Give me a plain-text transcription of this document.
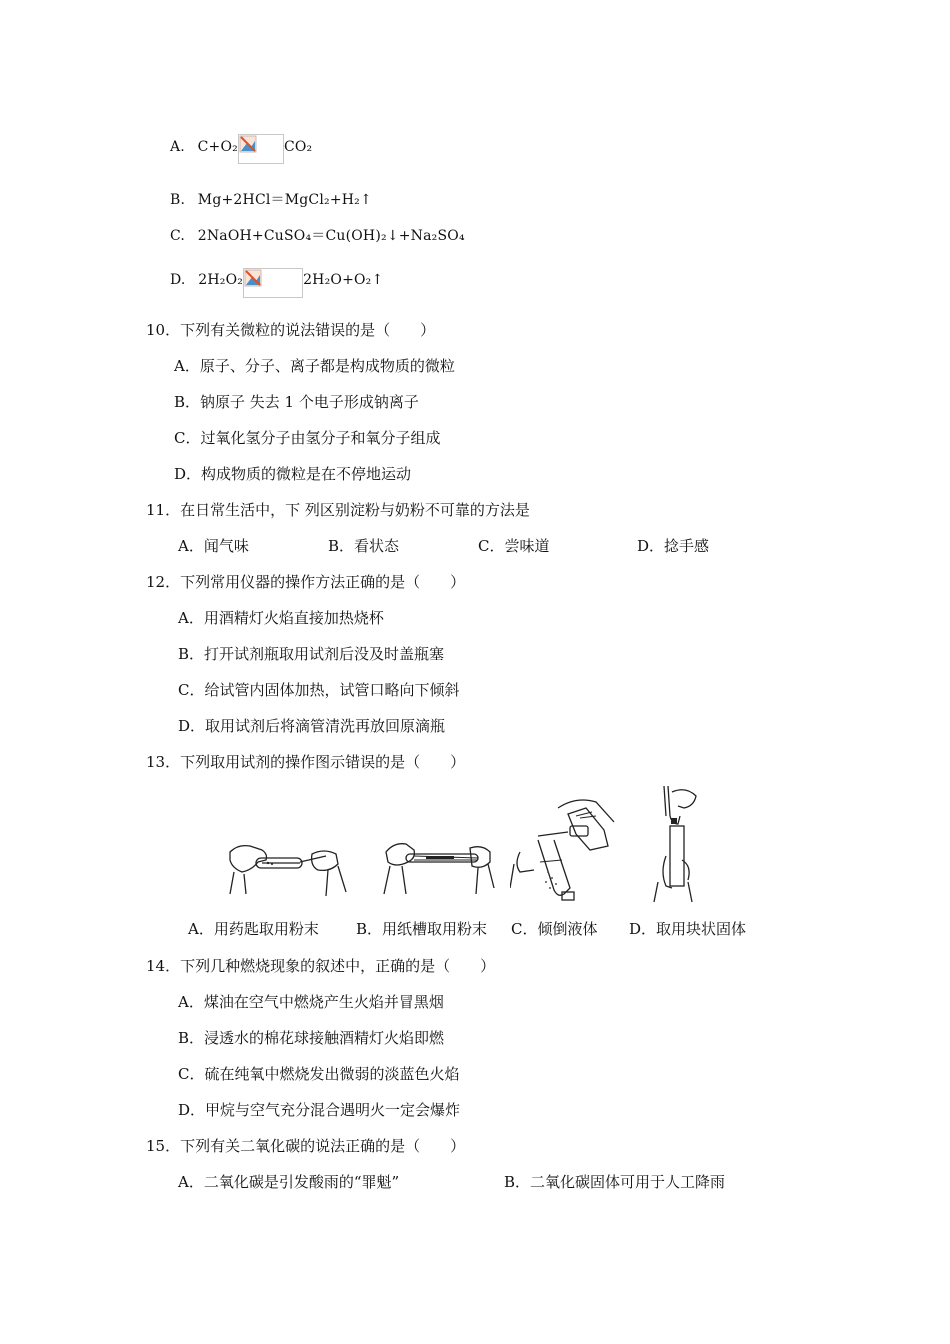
A. C+O₂	CO₂
B. Mg+2HCl＝MgCl₂+H₂↑
C. 2NaOH+CuSO₄＝Cu(OH)₂↓+Na₂SO₄
D. 2H₂O₂	2H₂O+O₂↑
10．下列有关微粒的说法错误的是（　　）
A．原子、分子、离子都是构成物质的微粒
B．钠原子 失去 1 个电子形成钠离子
C．过氧化氢分子由氢分子和氧分子组成
D．构成物质的微粒是在不停地运动
11．在日常生活中，下 列区别淀粉与奶粉不可靠的方法是
A．闻气味	B．看状态	C．尝味道	D．捻手感
12．下列常用仪器的操作方法正确的是（　　）
A．用酒精灯火焰直接加热烧杯
B．打开试剂瓶取用试剂后没及时盖瓶塞
C．给试管内固体加热，试管口略向下倾斜
D．取用试剂后将滴管清洗再放回原滴瓶
13．下列取用试剂的操作图示错误的是（　　）
A．用药匙取用粉末 B．用纸槽取用粉末 C．倾倒液体 D．取用块状固体
14．下列几种燃烧现象的叙述中，正确的是（　　）
A．煤油在空气中燃烧产生火焰并冒黑烟
B．浸透水的棉花球接触酒精灯火焰即燃
C．硫在纯氧中燃烧发出微弱的淡蓝色火焰
D．甲烷与空气充分混合遇明火一定会爆炸
15．下列有关二氧化碳的说法正确的是（　　）
A．二氧化碳是引发酸雨的“罪魁”	B．二氧化碳固体可用于人工降雨
